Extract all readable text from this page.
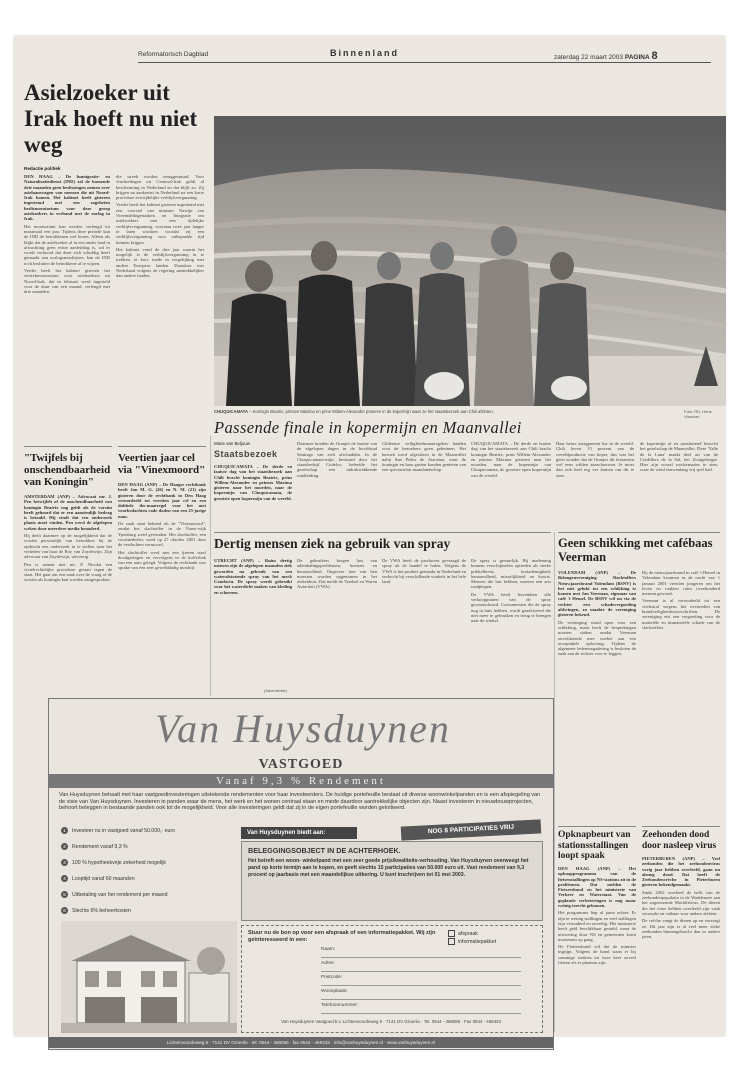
Reformatorisch Dagblad	Binnenland	zaterdag 22 maart 2003 PAGINA 8
Asielzoeker uit Irak hoeft nu niet weg
Redactie politiek

DEN HAAG – De Immigratie- en Naturalisatiedienst (IND) zal de komende drie maanden geen beslissingen nemen over asielaanvragen van mensen die uit Noord-Irak komen. Het kabinet heeft gisteren ingestemd met een zogeheten beslismoratorium voor deze groep asielzoekers in verband met de oorlog in Irak.

Het moratorium kan worden verlengd tot maximaal een jaar. Tijdens deze periode kan de IND de betrokkenen wel horen. Alleen als blijkt dat de asielzoeker al in een ander land in afwachting geen echte aanleiding is, zal er wordt verhoord dat deze zich schuldig heeft gemaakt aan oorlogsmisdrijven, kan de IND toch besluiten de betrokkene af te wijzen.

Verder heeft het kabinet gisteren het vertrekmoratorium voor asielzoekers uit Noord-Irak, dat in februari werd ingesteld voor de duur van een maand, verlengd met drie maanden.

die streek worden teruggestuurd. Voor vluchtelingen uit Centraal-Irak geldt al bescherming in Nederland en dat blijft zo. Zij krijgen na aankomst in Nederland na een korte procedure een tijdelijke verblijfsvergunning.

Verder heeft het kabinet gisteren ingestemd met een voorstel van minister Nawijn van Vreemdelingenzaken en Integratie om asielzoekers met een tijdelijke verblijfsvergunning, voortaan twee jaar langer te laten wachten voordat zij een verblijfsvergunning voor onbepaalde tijd kunnen krijgen.

Het kabinet vond de drie jaar waarin het mogelijk is de verblijfsvergunning in te trekken, te kort, mede in vergelijking met andere Europese landen. Daardoor was Nederland volgens de regering aantrekkelijker dan andere landen.

CHUQUICAMATA – Koningin Beatrix, prinses Máxima en prins Willem-Alexander poseren in de kopermijn waar ze het staatsbezoek aan Chili afsloten.	Foto: RD, Henk Visscher
Passende finale in kopermijn en Maanvallei
Marie van Beljouw
Staatsbezoek

CHUQUICAMATA – De derde en laatste dag van het staatsbezoek aan Chili bracht koningin Beatrix, prins Willem-Alexander en prinses Máxima gisteren naar het noorden, naar de kopermijn van Chuquicamata, de grootste open kopermijn van de wereld.

Daarmee konden de Oranjes de laatste van de afgelopen dagen in de hoofdstad Santiago van zich afschudden. In de Chuquicamata-mijn, bestuurd door het staatsbedrijf Codelco, beleefde het gezelschap een indrukwekkende rondleiding.

Chileense veiligheidsmaatregelen hadden voor de bezoekers geen geheimen. Het bezoek werd afgesloten in de Maanvallei nabij San Pedro de Atacama, waar de koningin en haar gasten konden genieten van een spectaculair maanlandschap.

CHUQUICAMATA – De derde en laatste dag van het staatsbezoek aan Chili bracht koningin Beatrix, prins Willem-Alexander en prinses Máxima gisteren naar het noorden, naar de kopermijn van Chuquicamata, de grootste open kopermijn van de wereld.

Haar beurs waagpunten lwr in de wereld. Chili levert 15 procent van de wereldproductie van koper, dus was het geen wonder dat de Oranjes dit fenomeen wel eens wilden aanschouwen. Je moet dan ook heel erg ver komen om dit te zien.

de kopermijn af en aansluitend bezocht het gezelschap de Maanvallei. Deze 'Valle de la Luna' maakt deel uit van de Cordillera de la Sal, het Zoutgebergte. Hier zijn vooral rotsformaties te zien, waar de wind eeuwenlang vrij spel had.

"Twijfels bij onschendbaarheid van Koningin"

AMSTERDAM (ANP) – Advocaat mr. J. Pen betwijfelt of de onschendbaarheid van koningin Beatrix nog geldt als de vorstin heeft gehoord dat er een aanzienlijk bedrag is betaald. Hij vindt dat een onderzoek plaats moet vinden. Pen werd de afgelopen weken door meerdere media benaderd.

Hij deelt daarmee op de mogelijkheid dat de vorstin persoonlijk van betrokken bij de opdracht een onderzoek in te stellen naar het verleden van haar de Roy van Zuydewijn. Zijn advocaat van Zuydewijn, uitvoerig.

Pen is samen met mr. P. Nicolai een civielrechtelijke procedure gestart tegen de staat. Het gaat om een zaak over de vraag of de vorstin als koningin kan worden aangesproken.

Veertien jaar cel via "Vinexmoord"

DEN HAAG (ANP) – De Haagse rechtbank heeft Jan M. G. (26) en N. M. (21) zijn gisteren door de rechtbank in Den Haag veroordeeld tot veertien jaar cel en een dubbele tbs-maatregel voor het met voorbedachten rade doden van een 25-jarige man.

De zaak staat bekend als de "Vinexmoord", omdat het slachtoffer in de Vinex-wijk Ypenburg werd gevonden. Het slachtoffer, een cocaïnedealer, werd op 27 oktober 2001 door de verdachten vermoord.

Het slachtoffer werd met een ijzeren staaf doodgeslagen en vervolgens in de kofferbak van een auto gelegd. Volgens de rechtbank was sprake van een zeer gewelddadig misdrijf.

Dertig mensen ziek na gebruik van spray

UTRECHT (ANP) – Ruim dertig mensen zijn de afgelopen maanden ziek geworden na gebruik van een waterafstotende spray van het merk Comforta. De spray wordt gebruikt voor het waterdicht maken van kleding en schoenen.

De gebruikers kregen last van ademhalingsproblemen, hoesten en benauwdheid. Ongeveer tien van hen moesten worden opgenomen in het ziekenhuis. Dat meldt de Voedsel en Waren Autoriteit (VWA).

De VWA heeft de producent gevraagd de spray uit de handel te halen. Volgens de VWA is het product gemaakt in Nederland en verkocht bij verschillende winkels in het hele land.

De spray is gevaarlijk. Bij inademing kunnen verschijnselen optreden als sterke prikkelhoest, kortademigheid, benauwdheid, misselijkheid en koorts. Mensen die last hebben, moeten een arts raadplegen.

De VWA heeft bovendien alle verkooppunten van de spray gewaarschuwd. Consumenten die de spray nog in huis hebben, wordt geadviseerd die niet meer te gebruiken en terug te brengen naar de winkel.

Geen schikking met cafébaas Veerman

VOLENDAM (ANP) – De Belangenvereniging Slachtoffers Nieuwjaarsbrand Volendam (BSNV) is het niet gelukt tot een schikking te komen met Jan Veerman, eigenaar van café 't Hemel. De BSNV wil nu via de rechter een schadevergoeding afdwingen, zo maakte de vereniging gisteren bekend.

De vereniging stond open voor een schikking, maar heeft de besprekingen moeten staken omdat Veerman onvoldoende mee werkte aan een acceptabele oplossing. Tijdens de algemene ledenvergadering is besloten de zaak aan de rechter voor te leggen.

Bij de nieuwjaarsbrand in café 't Hemel in Volendam kwamen in de nacht van 1 januari 2001 veertien jongeren om het leven en raakten ruim tweehonderd mensen gewond.

Veerman is al veroordeeld tot een werkstraf wegens het overtreden van brandveiligheidsvoorschriften. De vereniging eist een vergoeding voor de materiële en immateriële schade van de slachtoffers.

Opknapbeurt van stationsstallingen loopt spaak

DEN HAAG (ANP) – Het opknapprogramma van de fietsenstallingen op NS-stations zit in de problemen. Dat melden de Fietsersbond en het ministerie van Verkeer en Waterstaat. Van de geplande verbeteringen is nog maar weinig terecht gekomen.

Het programma liep al jaren achter. Er zijn te weinig stallingen en veel stallingen zijn verouderd en onveilig. Het ministerie heeft geld beschikbaar gesteld, maar de uitvoering door NS en gemeenten komt moeizaam op gang.

De Fietsersbond wil dat de minister ingrijpt. Volgens de bond staan er bij sommige stations tot twee keer zoveel fietsen als er plaatsen zijn.

Zeehonden dood door nasleep virus

PIETERBUREN (ANP) – Veel zeehonden die het zeehondenvirus vorig jaar hebben overleefd, gaan nu alsnog dood. Dat heeft de Zeehondencrèche in Pieterburen gisteren bekendgemaakt.

Sinds 2002 overleed de helft van de zeehondenpopulatie in de Waddenzee aan het zogenoemde Morbilivirus. De dieren die het virus hebben overleefd zijn vaak verzwakt en vatbaar voor andere ziekten.

De crèche vangt de dieren op en verzorgt ze. Dit jaar zijn er al veel meer zieke zeehonden binnengebracht dan in andere jaren.

(Advertentie)
Van Huysduynen
VASTGOED
Vanaf 9,3 % Rendement
Van Huysduynen behaalt met haar vastgoedinvesteringen uitstekende rendementen voor haar investeerders. De huidige portefeuille bestaat uit diverse woonwinkelpanden en is een afspiegeling van de visie van Van Huysduynen. Investeren in panden waar de mens, het werk en het wonen centraal staan en mede daardoor aantrekkelijke objecten zijn. Naast investeren in nieuwbouwprojecten, behoort beleggen in bestaande panden ook tot de mogelijkheid. Voor alle investeringen geldt dat zij in de eigen portefeuille worden geïnitieerd.
1 Investeer nu in vastgoed vanaf 50.000,- euro
2 Rendement vanaf 9,3 %
3 100 % hypotheekvrije zekerheid mogelijk
4 Looptijd vanaf 60 maanden
5 Uitbetaling van het rendement per maand
6 Slechts 6% beheerkosten
Van Huysduynen biedt aan:	NOG 8 PARTICIPATIES VRIJ
BELEGGINGSOBJECT IN DE ACHTERHOEK.
Het betreft een woon- winkelpand met een zeer goede prijs/kwaliteits-verhouding. Van Huysduynen overweegt het pand op korte termijn aan te kopen, en geeft slechts 15 participaties van 50.000 euro uit. Vast rendement van 9,3 procent op jaarbasis met een maandelijkse uitkering. U kunt inschrijven tot 01 mei 2003.
Stuur nu de bon op voor een afspraak of een informatiepakket. Wij zijn geïnteresseerd in een:
afspraak
informatiepakket
Naam:
Adres:
Postcode:
Woonplaats:
Telefoonnummer:
Van Huysduynen Vastgoed b.v. Lichtenvoordeweg 5 · 7141 DV Groenlo · Tel. 0544 - 468055 · Fax 0544 - 468333
Lichtenvoordeweg 5 · 7141 DV Groenlo · tel. 0544 - 468055 · fax 0544 - 468333 · info@vanhuysduynen.nl · www.vanhuysduynen.nl
